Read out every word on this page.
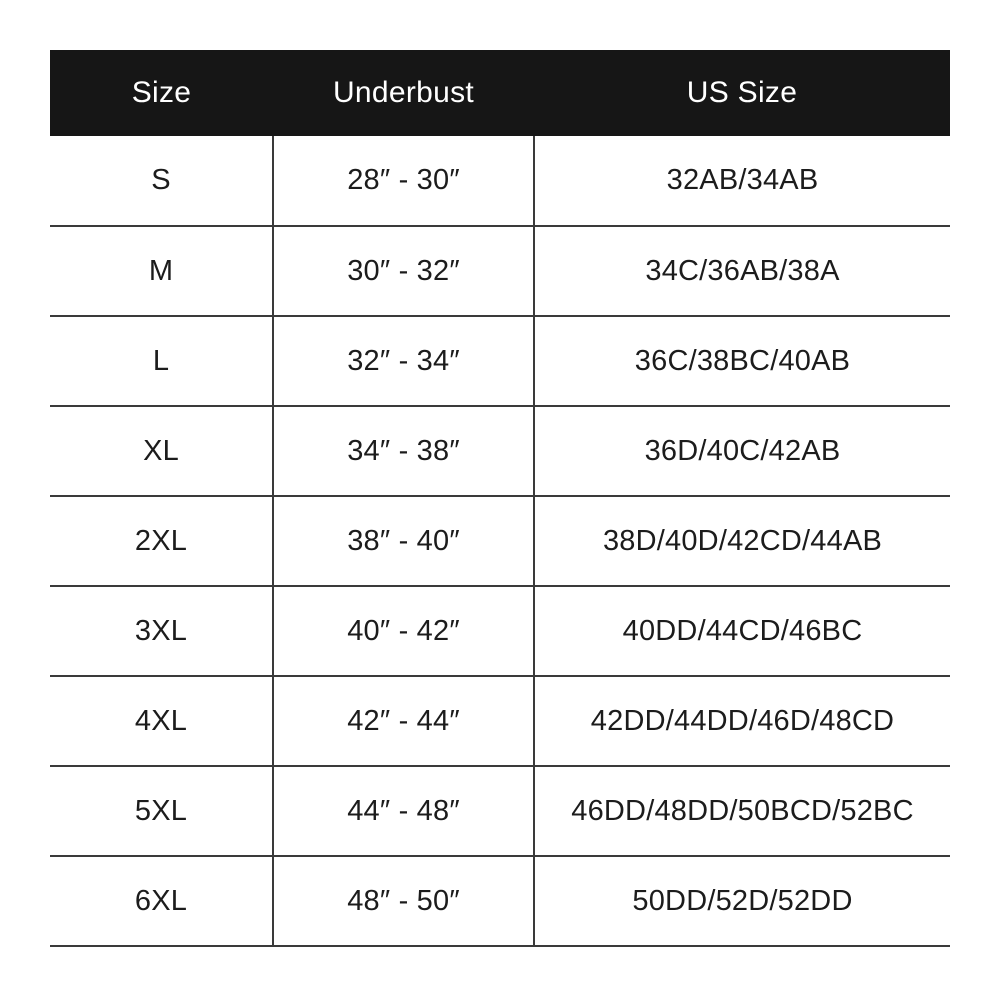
Size	Underbust	US Size
S	28″ - 30″	32AB/34AB
M	30″ - 32″	34C/36AB/38A
L	32″ - 34″	36C/38BC/40AB
XL	34″ - 38″	36D/40C/42AB
2XL	38″ - 40″	38D/40D/42CD/44AB
3XL	40″ - 42″	40DD/44CD/46BC
4XL	42″ - 44″	42DD/44DD/46D/48CD
5XL	44″ - 48″	46DD/48DD/50BCD/52BC
6XL	48″ - 50″	50DD/52D/52DD
